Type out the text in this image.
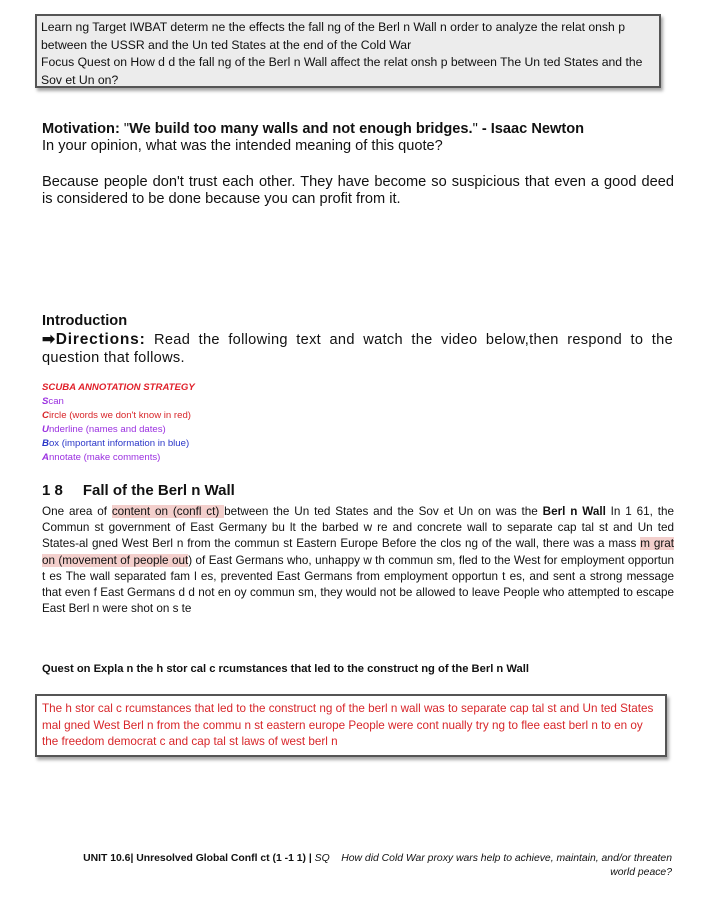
Learn ng Target IWBAT determ ne the effects the fall ng of the Berl n Wall n order to analyze the relat onsh p between the USSR and the Un ted States at the end of the Cold War
Focus Quest on How d d the fall ng of the Berl n Wall affect the relat onsh p between The Un ted States and the Sov et Un on?
Motivation: "We build too many walls and not enough bridges." - Isaac Newton
In your opinion, what was the intended meaning of this quote?
Because people don't trust each other. They have become so suspicious that even a good deed is considered to be done because you can profit from it.
Introduction
➡Directions: Read the following text and watch the video below,then respond to the question that follows.
SCUBA ANNOTATION STRATEGY
Scan
Circle (words we don't know in red)
Underline (names and dates)
Box (important information in blue)
Annotate (make comments)
1 8 Fall of the Berl n Wall
One area of content on (confl ct) between the Un ted States and the Sov et Un on was the Berl n Wall In 1 61, the Commun st government of East Germany bu lt the barbed w re and concrete wall to separate cap tal st and Un ted States-al gned West Berl n from the commun st Eastern Europe Before the clos ng of the wall, there was a mass m grat on (movement of people out) of East Germans who, unhappy w th commun sm, fled to the West for employment opportun t es The wall separated fam l es, prevented East Germans from employment opportun t es, and sent a strong message that even f East Germans d d not en oy commun sm, they would not be allowed to leave People who attempted to escape East Berl n were shot on s te
Quest on Expla n the h stor cal c rcumstances that led to the construct ng of the Berl n Wall
The h stor cal c rcumstances that led to the construct ng of the berl n wall was to separate cap tal st and Un ted States mal gned West Berl n from the commu n st eastern europe People were cont nually try ng to flee east berl n to en oy the freedom democrat c and cap tal st laws of west berl n
UNIT 10.6| Unresolved Global Confl ct (1 -1 1) | SQ How did Cold War proxy wars help to achieve, maintain, and/or threaten
world peace?
